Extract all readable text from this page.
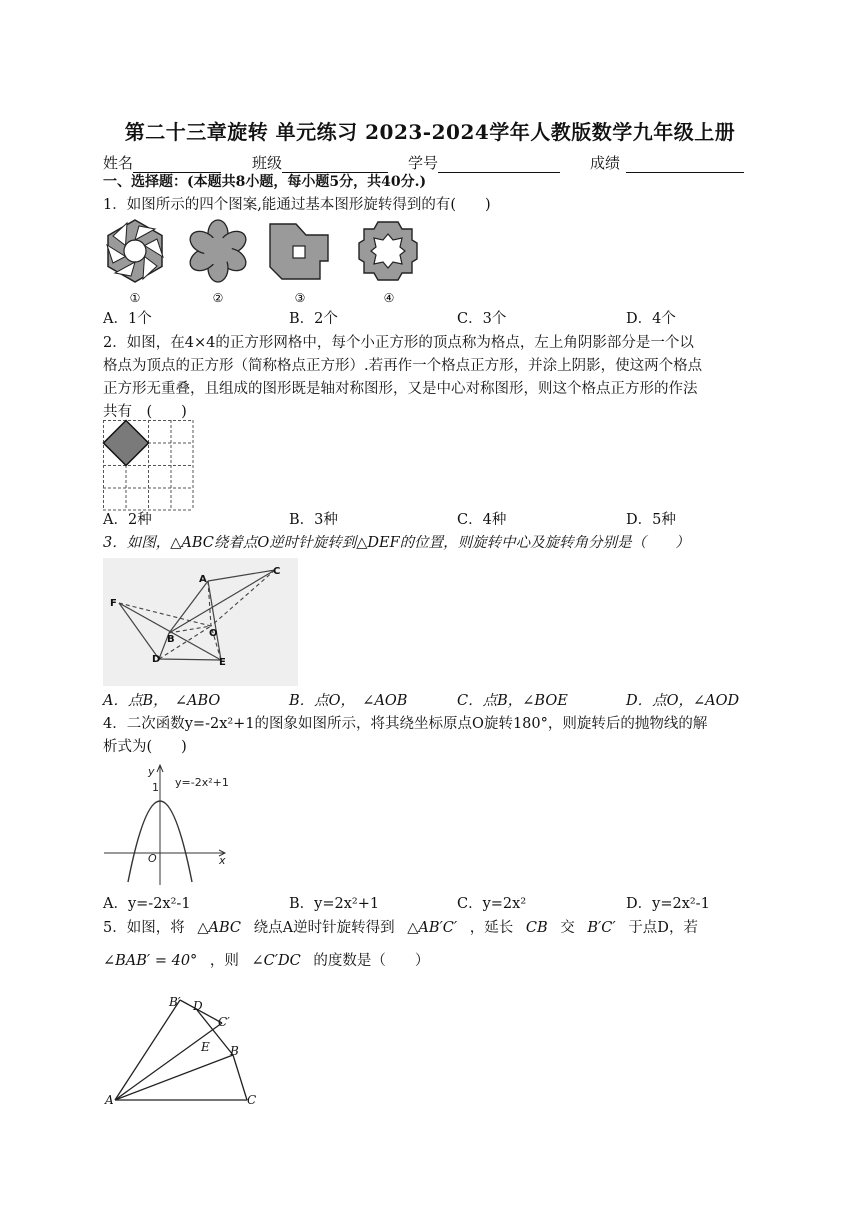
第二十三章旋转 单元练习 2023-2024学年人教版数学九年级上册
姓名	班级	学号	成绩
一、选择题：(本题共8小题，每小题5分，共40分.)
1．如图所示的四个图案,能通过基本图形旋转得到的有(　　)
①	②	③	④
A．1个	B．2个	C．3个	D．4个
2．如图，在4×4的正方形网格中，每个小正方形的顶点称为格点，左上角阴影部分是一个以
格点为顶点的正方形（简称格点正方形）.若再作一个格点正方形，并涂上阴影，使这两个格点
正方形无重叠，且组成的图形既是轴对称图形，又是中心对称图形，则这个格点正方形的作法
共有　(　　)
A．2种	B．3种	C．4种	D．5种
3．如图，△ABC绕着点O逆时针旋转到△DEF的位置，则旋转中心及旋转角分别是（　　）
A
C
F
B
O
D	E
A．点B，　∠ABO	B．点O，　∠AOB	C．点B，∠BOE	D．点O，∠AOD
4．二次函数y=-2x²+1的图象如图所示，将其绕坐标原点O旋转180°，则旋转后的抛物线的解
析式为(　　)
y
x
O
1 y=-2x²+1
A．y=-2x²-1	B．y=2x²+1	C．y=2x²	D．y=2x²-1
5．如图，将 △ABC 绕点A逆时针旋转得到 △AB′C′ ，延长 CB 交 B′C′ 于点D，若
∠BAB′ = 40° ，则 ∠C′DC 的度数是（　　）
A	C
B
B′ D
C′
E
